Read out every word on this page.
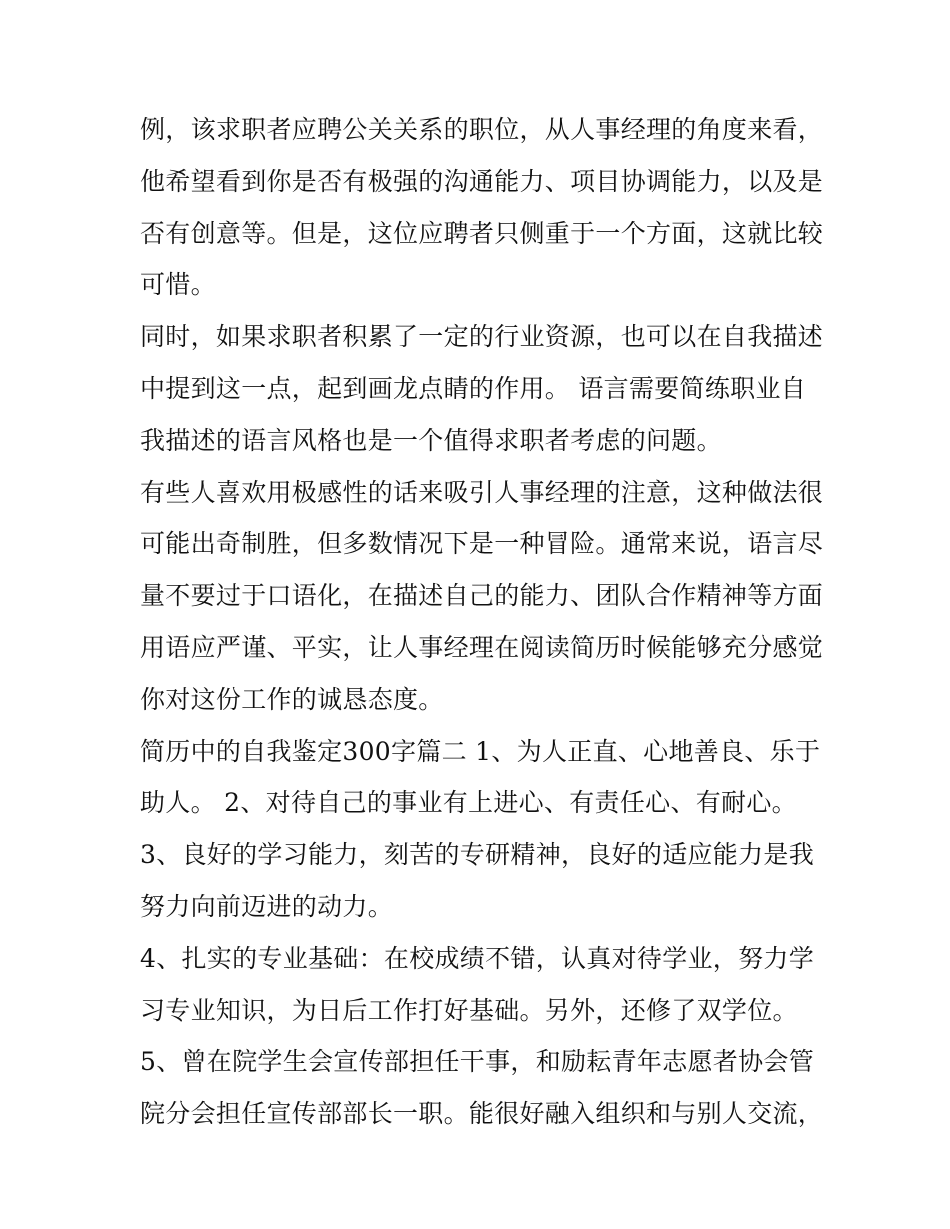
例，该求职者应聘公关关系的职位，从人事经理的角度来看，
他希望看到你是否有极强的沟通能力、项目协调能力，以及是
否有创意等。但是，这位应聘者只侧重于一个方面，这就比较
可惜。
同时，如果求职者积累了一定的行业资源，也可以在自我描述
中提到这一点，起到画龙点睛的作用。 语言需要简练职业自
我描述的语言风格也是一个值得求职者考虑的问题。
有些人喜欢用极感性的话来吸引人事经理的注意，这种做法很
可能出奇制胜，但多数情况下是一种冒险。通常来说，语言尽
量不要过于口语化，在描述自己的能力、团队合作精神等方面
用语应严谨、平实，让人事经理在阅读简历时候能够充分感觉
你对这份工作的诚恳态度。
简历中的自我鉴定300字篇二 1、为人正直、心地善良、乐于
助人。 2、对待自己的事业有上进心、有责任心、有耐心。
3、良好的学习能力，刻苦的专研精神，良好的适应能力是我
努力向前迈进的动力。
4、扎实的专业基础：在校成绩不错，认真对待学业，努力学
习专业知识，为日后工作打好基础。另外，还修了双学位。
5、曾在院学生会宣传部担任干事，和励耘青年志愿者协会管
院分会担任宣传部部长一职。能很好融入组织和与别人交流，
